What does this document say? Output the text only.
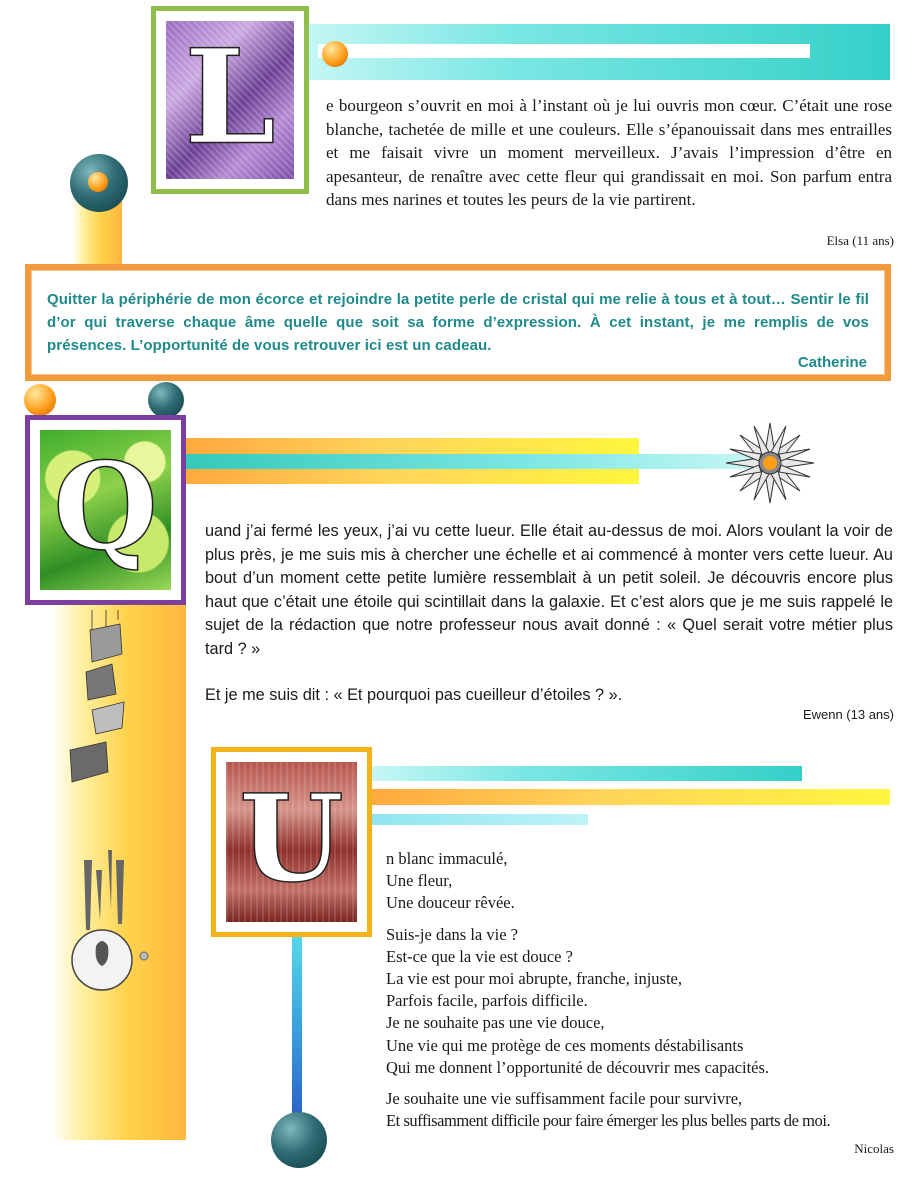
L	e bourgeon s’ouvrit en moi à l’instant où je lui ouvris mon cœur. C’était une rose blanche, tachetée de mille et une couleurs. Elle s’épanouissait dans mes entrailles et me faisait vivre un moment merveilleux. J’avais l’impression d’être en apesanteur, de renaître avec cette fleur qui grandissait en moi. Son parfum entra dans mes narines et toutes les peurs de la vie partirent.
Elsa (11 ans)
Quitter la périphérie de mon écorce et rejoindre la petite perle de cristal qui me relie à tous et à tout… Sentir le fil d’or qui traverse chaque âme quelle que soit sa forme d’expression. À cet instant, je me remplis de vos présences. L’opportunité de vous retrouver ici est un cadeau.
Catherine
Q	uand j’ai fermé les yeux, j’ai vu cette lueur. Elle était au-dessus de moi. Alors voulant la voir de plus près, je me suis mis à chercher une échelle et ai commencé à monter vers cette lueur. Au bout d’un moment cette petite lumière ressemblait à un petit soleil. Je découvris encore plus haut que c’était une étoile qui scintillait dans la galaxie. Et c’est alors que je me suis rappelé le sujet de la rédaction que notre professeur nous avait donné : « Quel serait votre métier plus tard ? »
Et je me suis dit : « Et pourquoi pas cueilleur d’étoiles ? ».
Ewenn (13 ans)
U	n blanc immaculé,
Une fleur,
Une douceur rêvée.
Suis-je dans la vie ?
Est-ce que la vie est douce ?
La vie est pour moi abrupte, franche, injuste,
Parfois facile, parfois difficile.
Je ne souhaite pas une vie douce,
Une vie qui me protège de ces moments déstabilisants
Qui me donnent l’opportunité de découvrir mes capacités.
Je souhaite une vie suffisamment facile pour survivre,
Et suffisamment difficile pour faire émerger les plus belles parts de moi.
Nicolas
